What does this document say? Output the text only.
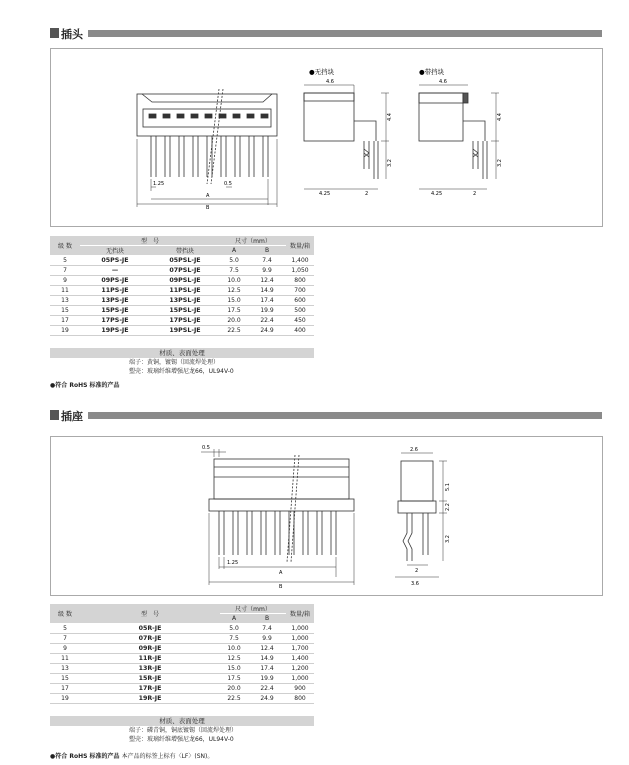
插头
1.25	0.5
A
B
●无挡块
4.6
4.4
3.2
4.25	2
●带挡块
4.6
4.4
3.2
4.25	2
级 数	型　号		尺寸（mm）		数量/箱
	无挡块	带挡块	A	B	
5	05PS-JE	05PSL-JE	5.0	7.4	1,400
7	—	07PSL-JE	7.5	9.9	1,050
9	09PS-JE	09PSL-JE	10.0	12.4	800
11	11PS-JE	11PSL-JE	12.5	14.9	700
13	13PS-JE	13PSL-JE	15.0	17.4	600
15	15PS-JE	15PSL-JE	17.5	19.9	500
17	17PS-JE	17PSL-JE	20.0	22.4	450
19	19PS-JE	19PSL-JE	22.5	24.9	400
材质、表面处理
端子：黄铜，镀锡（回流焊处理）
塑壳：玻璃纤维增强尼龙66，UL94V-0
●符合 RoHS 标准的产品
插座
0.5
1.25
A
B
2.6
5.1
2.2
3.2
2
3.6
级 数	型　号	尺寸（mm）		数量/箱
		A	B	
5	05R-JE	5.0	7.4	1,000
7	07R-JE	7.5	9.9	1,000
9	09R-JE	10.0	12.4	1,700
11	11R-JE	12.5	14.9	1,400
13	13R-JE	15.0	17.4	1,200
15	15R-JE	17.5	19.9	1,000
17	17R-JE	20.0	22.4	900
19	19R-JE	22.5	24.9	800
材质、表面处理
端子：磷青铜，铜底镀锡（回流焊处理）
塑壳：玻璃纤维增强尼龙66，UL94V-0
●符合 RoHS 标准的产品 本产品的标签上标有〈LF〉(SN)。
